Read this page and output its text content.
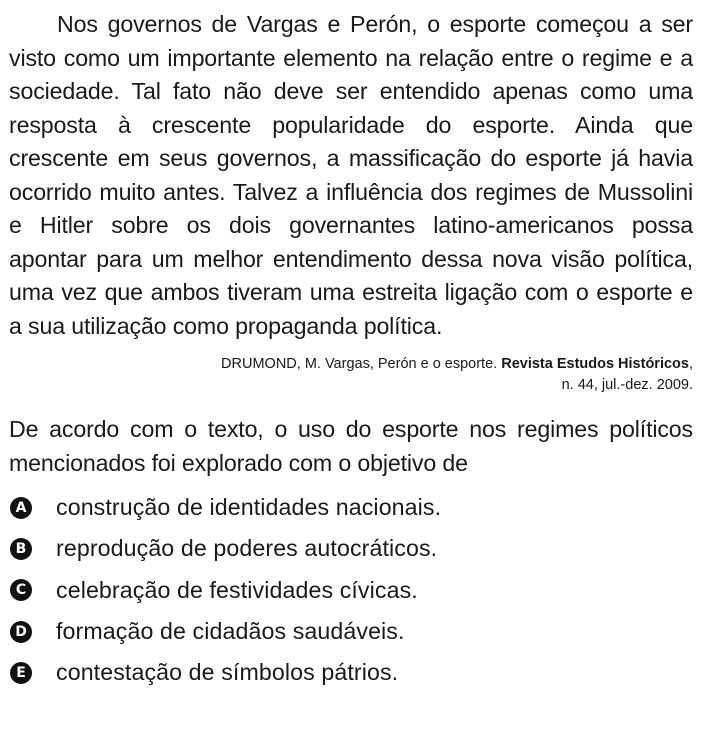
Nos governos de Vargas e Perón, o esporte começou a ser visto como um importante elemento na relação entre o regime e a sociedade. Tal fato não deve ser entendido apenas como uma resposta à crescente popularidade do esporte. Ainda que crescente em seus governos, a massificação do esporte já havia ocorrido muito antes. Talvez a influência dos regimes de Mussolini e Hitler sobre os dois governantes latino-americanos possa apontar para um melhor entendimento dessa nova visão política, uma vez que ambos tiveram uma estreita ligação com o esporte e a sua utilização como propaganda política.

DRUMOND, M. Vargas, Perón e o esporte. Revista Estudos Históricos,
n. 44, jul.-dez. 2009.
De acordo com o texto, o uso do esporte nos regimes políticos mencionados foi explorado com o objetivo de
A construção de identidades nacionais.
B reprodução de poderes autocráticos.
C celebração de festividades cívicas.
D formação de cidadãos saudáveis.
E contestação de símbolos pátrios.
